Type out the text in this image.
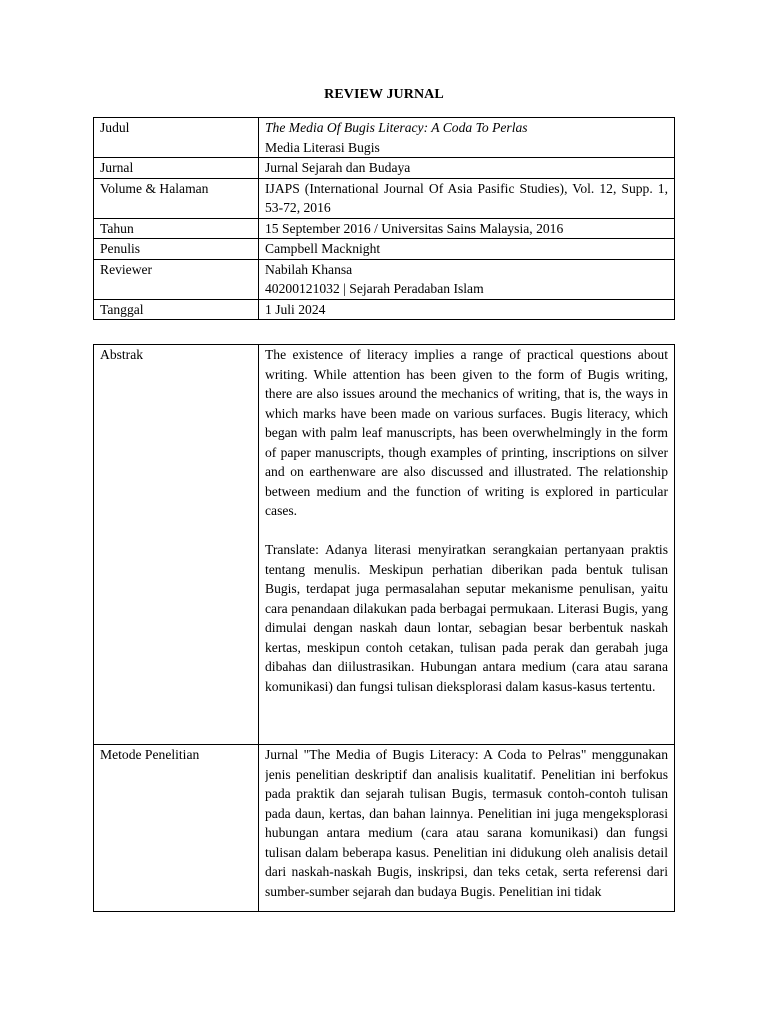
REVIEW JURNAL
Judul	The Media Of Bugis Literacy: A Coda To Perlas
Media Literasi Bugis

Jurnal	Jurnal Sejarah dan Budaya
Volume & Halaman	IJAPS (International Journal Of Asia Pasific Studies), Vol. 12, Supp. 1, 53-72, 2016

Tahun	15 September 2016 / Universitas Sains Malaysia, 2016
Penulis	Campbell Macknight
Reviewer	Nabilah Khansa
40200121032 | Sejarah Peradaban Islam

Tanggal	1 Juli 2024
Abstrak	The existence of literacy implies a range of practical questions about writing. While attention has been given to the form of Bugis writing, there are also issues around the mechanics of writing, that is, the ways in which marks have been made on various surfaces. Bugis literacy, which began with palm leaf manuscripts, has been overwhelmingly in the form of paper manuscripts, though examples of printing, inscriptions on silver and on earthenware are also discussed and illustrated. The relationship between medium and the function of writing is explored in particular cases.
Translate: Adanya literasi menyiratkan serangkaian pertanyaan praktis tentang menulis. Meskipun perhatian diberikan pada bentuk tulisan Bugis, terdapat juga permasalahan seputar mekanisme penulisan, yaitu cara penandaan dilakukan pada berbagai permukaan. Literasi Bugis, yang dimulai dengan naskah daun lontar, sebagian besar berbentuk naskah kertas, meskipun contoh cetakan, tulisan pada perak dan gerabah juga dibahas dan diilustrasikan. Hubungan antara medium (cara atau sarana komunikasi) dan fungsi tulisan dieksplorasi dalam kasus-kasus tertentu.

Metode Penelitian	Jurnal "The Media of Bugis Literacy: A Coda to Pelras" menggunakan jenis penelitian deskriptif dan analisis kualitatif. Penelitian ini berfokus pada praktik dan sejarah tulisan Bugis, termasuk contoh-contoh tulisan pada daun, kertas, dan bahan lainnya. Penelitian ini juga mengeksplorasi hubungan antara medium (cara atau sarana komunikasi) dan fungsi tulisan dalam beberapa kasus. Penelitian ini didukung oleh analisis detail dari naskah-naskah Bugis, inskripsi, dan teks cetak, serta referensi dari sumber-sumber sejarah dan budaya Bugis. Penelitian ini tidak
